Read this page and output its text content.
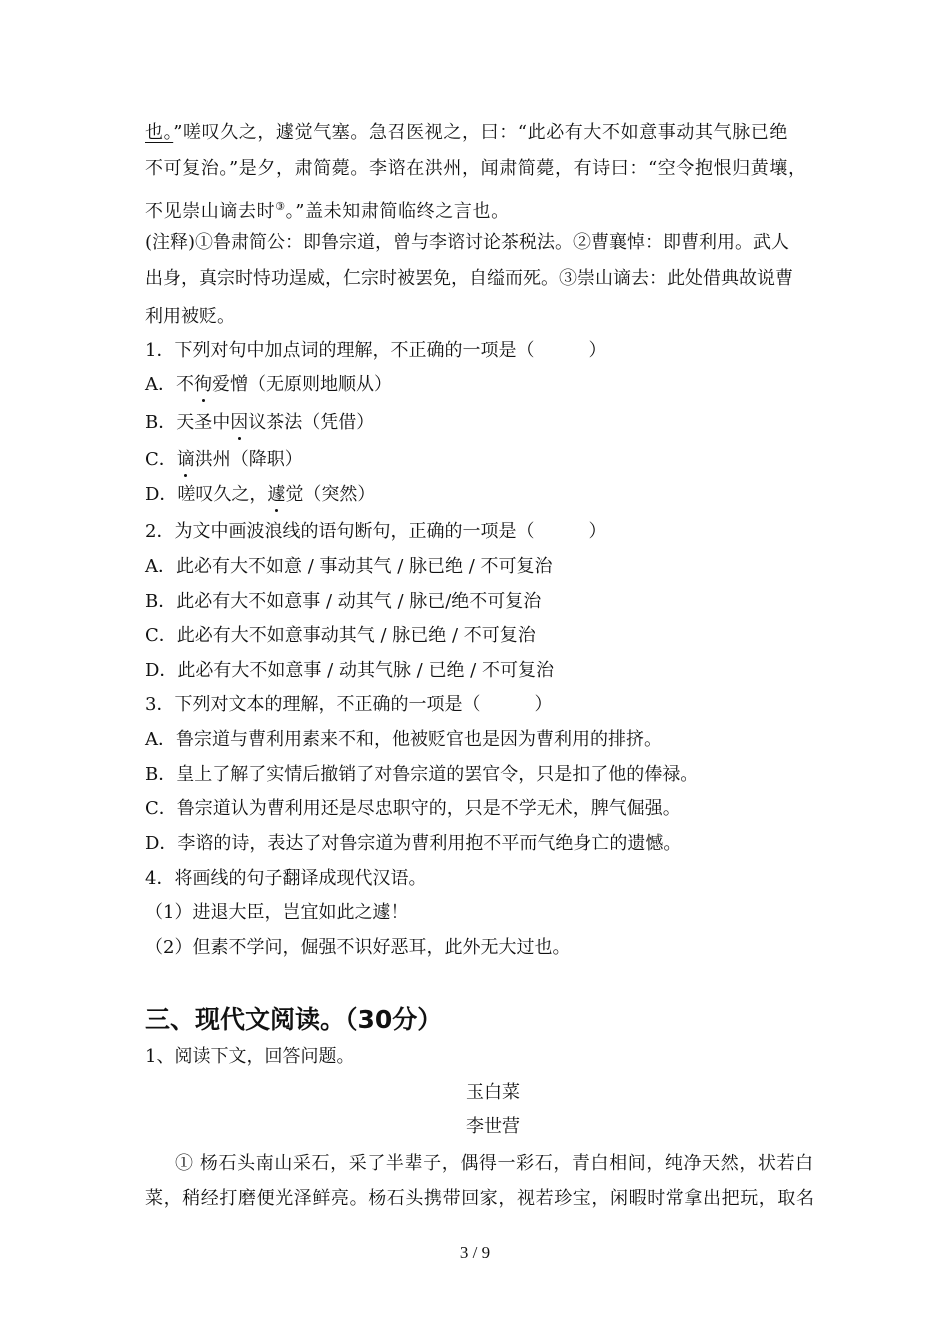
也。”嗟叹久之，遽觉气塞。急召医视之，曰：“此必有大不如意事动其气脉已绝
不可复治。”是夕，肃简薨。李谘在洪州，闻肃简薨，有诗曰：“空令抱恨归黄壤，
不见崇山谪去时③。”盖未知肃简临终之言也。
(注释)①鲁肃简公：即鲁宗道，曾与李谘讨论茶税法。②曹襄悼：即曹利用。武人
出身，真宗时恃功逞威，仁宗时被罢免，自缢而死。③崇山谪去：此处借典故说曹
利用被贬。
1．下列对句中加点词的理解，不正确的一项是（　　　）
A．不徇爱憎（无原则地顺从）
B．天圣中因议茶法（凭借）
C．谪洪州（降职）
D．嗟叹久之，遽觉（突然）
2．为文中画波浪线的语句断句，正确的一项是（　　　）
A．此必有大不如意 / 事动其气 / 脉已绝 / 不可复治
B．此必有大不如意事 / 动其气 / 脉已/绝不可复治
C．此必有大不如意事动其气 / 脉已绝 / 不可复治
D．此必有大不如意事 / 动其气脉 / 已绝 / 不可复治
3．下列对文本的理解，不正确的一项是（　　　）
A．鲁宗道与曹利用素来不和，他被贬官也是因为曹利用的排挤。
B．皇上了解了实情后撤销了对鲁宗道的罢官令，只是扣了他的俸禄。
C．鲁宗道认为曹利用还是尽忠职守的，只是不学无术，脾气倔强。
D．李谘的诗，表达了对鲁宗道为曹利用抱不平而气绝身亡的遗憾。
4．将画线的句子翻译成现代汉语。
（1）进退大臣，岂宜如此之遽！
（2）但素不学问，倔强不识好恶耳，此外无大过也。
三、现代文阅读。（30分）
1、阅读下文，回答问题。
玉白菜
李世营
① 杨石头南山采石，采了半辈子，偶得一彩石，青白相间，纯净天然，状若白
菜，稍经打磨便光泽鲜亮。杨石头携带回家，视若珍宝，闲暇时常拿出把玩，取名
3 / 9
